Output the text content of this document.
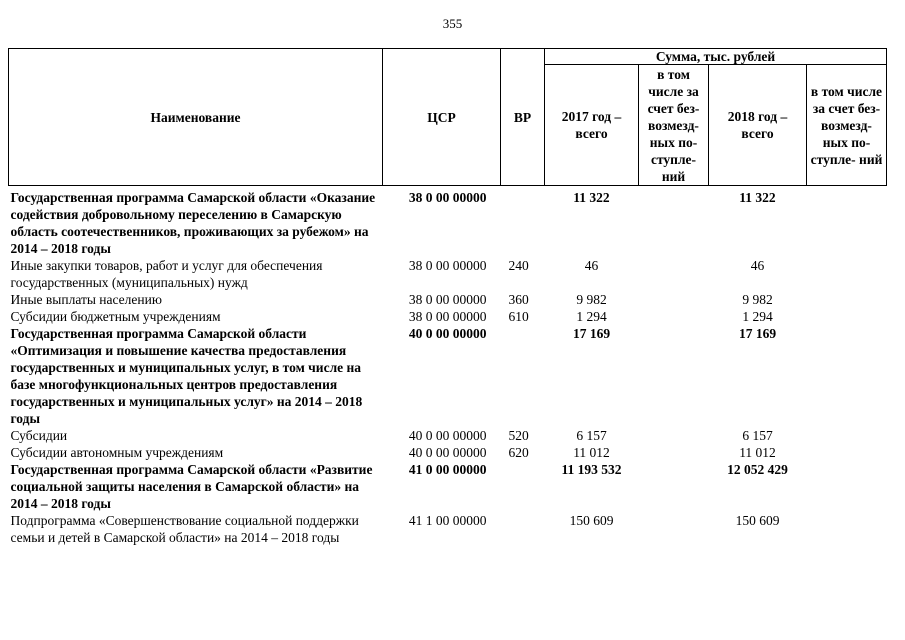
355
Наименование	ЦСР	ВР	Сумма, тыс. рублей			

			2017 год – всего	в том числе за счет без- возмезд- ных по- ступле- ний	2018 год – всего	в том числе за счет без- возмезд- ных по- ступле- ний

Государственная программа Самарской области «Оказание содействия добровольному переселению в Самарскую область соотечественников, проживающих за рубежом» на 2014 – 2018 годы	38 0 00 00000		11 322		11 322	
Иные закупки товаров, работ и услуг для обеспечения государственных (муниципальных) нужд	38 0 00 00000	240	46		46	
Иные выплаты населению	38 0 00 00000	360	9 982		9 982	
Субсидии бюджетным учреждениям	38 0 00 00000	610	1 294		1 294	
Государственная программа Самарской области «Оптимизация и повышение качества предоставления государственных и муниципальных услуг, в том числе на базе многофункциональных центров предоставления государственных и муниципальных услуг» на 2014 – 2018 годы	40 0 00 00000		17 169		17 169	
Субсидии	40 0 00 00000	520	6 157		6 157	
Субсидии автономным учреждениям	40 0 00 00000	620	11 012		11 012	
Государственная программа Самарской области «Развитие социальной защиты населения в Самарской области» на 2014 – 2018 годы	41 0 00 00000		11 193 532		12 052 429	
Подпрограмма «Совершенствование социальной поддержки семьи и детей в Самарской области» на 2014 – 2018 годы	41 1 00 00000		150 609		150 609	
